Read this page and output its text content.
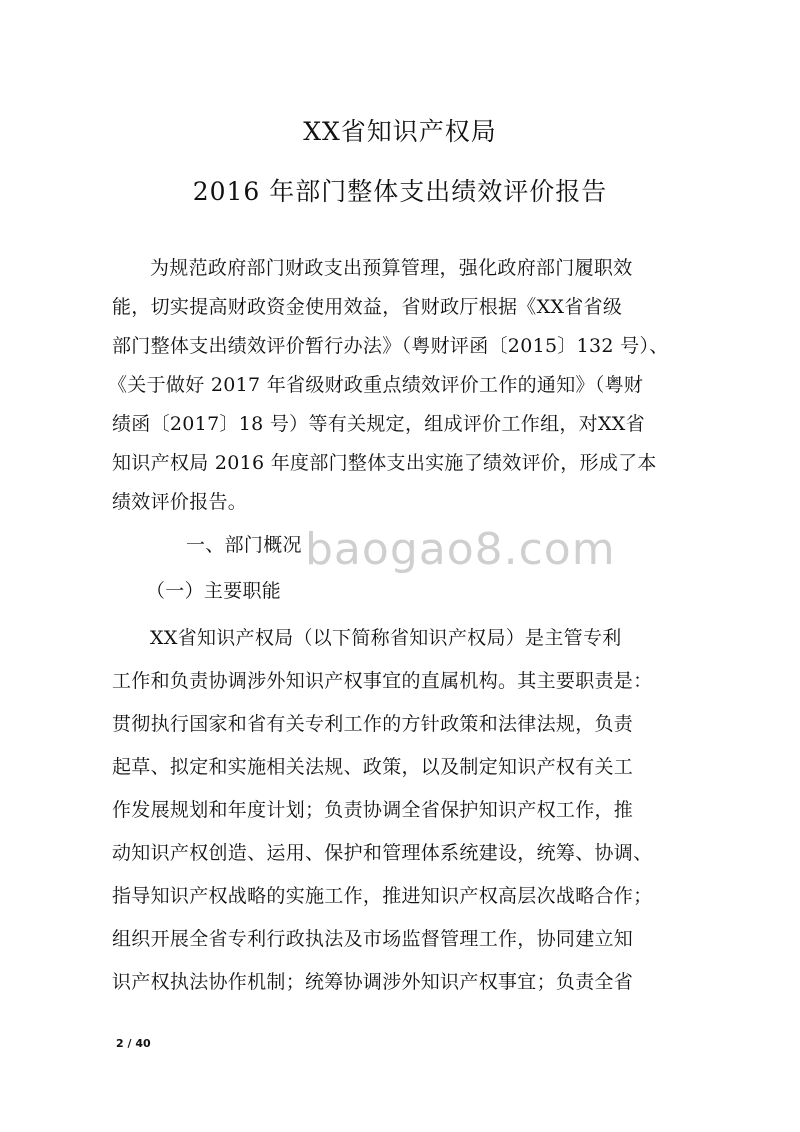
XX省知识产权局
2016 年部门整体支出绩效评价报告
为规范政府部门财政支出预算管理，强化政府部门履职效
能，切实提高财政资金使用效益，省财政厅根据《XX省省级
部门整体支出绩效评价暂行办法》（粤财评函〔2015〕132 号）、
《关于做好 2017 年省级财政重点绩效评价工作的通知》（粤财
绩函〔2017〕18 号）等有关规定，组成评价工作组，对XX省
知识产权局 2016 年度部门整体支出实施了绩效评价，形成了本
绩效评价报告。
baogao8.com
一、部门概况
（一）主要职能
XX省知识产权局（以下简称省知识产权局）是主管专利
工作和负责协调涉外知识产权事宜的直属机构。其主要职责是：
贯彻执行国家和省有关专利工作的方针政策和法律法规，负责
起草、拟定和实施相关法规、政策，以及制定知识产权有关工
作发展规划和年度计划；负责协调全省保护知识产权工作，推
动知识产权创造、运用、保护和管理体系统建设，统筹、协调、
指导知识产权战略的实施工作，推进知识产权高层次战略合作；
组织开展全省专利行政执法及市场监督管理工作，协同建立知
识产权执法协作机制；统筹协调涉外知识产权事宜；负责全省
2 / 40
